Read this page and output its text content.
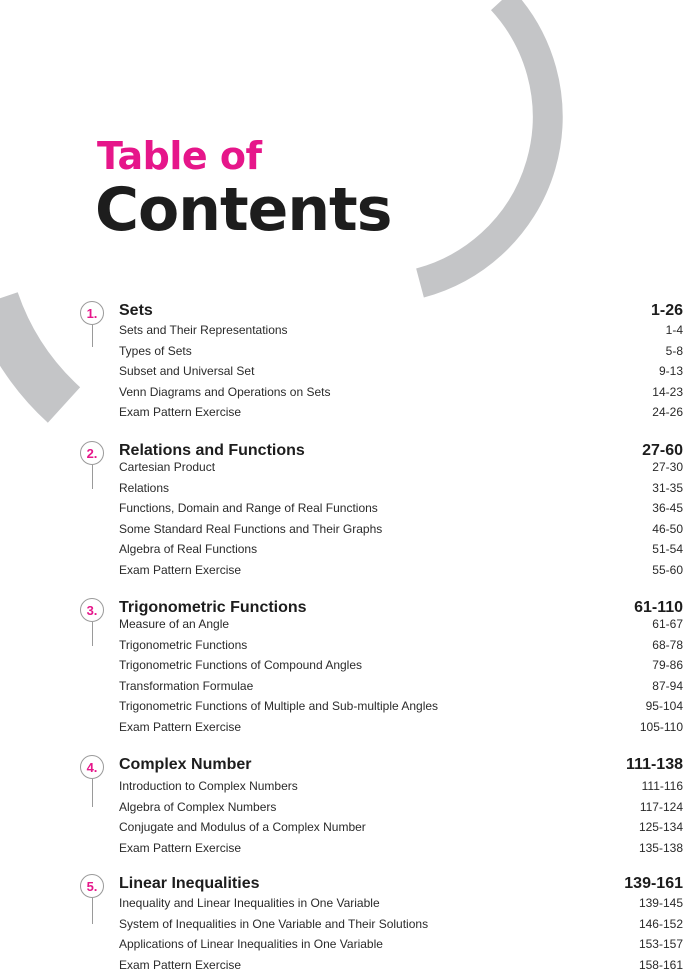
Table of
Contents
1.	Sets	1-26
Sets and Their Representations	1-4
Types of Sets	5-8
Subset and Universal Set	9-13
Venn Diagrams and Operations on Sets	14-23
Exam Pattern Exercise	24-26
2.	Relations and Functions	27-60
Cartesian Product	27-30
Relations	31-35
Functions, Domain and Range of Real Functions	36-45
Some Standard Real Functions and Their Graphs	46-50
Algebra of Real Functions	51-54
Exam Pattern Exercise	55-60
3.	Trigonometric Functions	61-110
Measure of an Angle	61-67
Trigonometric Functions	68-78
Trigonometric Functions of Compound Angles	79-86
Transformation Formulae	87-94
Trigonometric Functions of Multiple and Sub-multiple Angles	95-104
Exam Pattern Exercise	105-110
4.	Complex Number	111-138
Introduction to Complex Numbers	111-116
Algebra of Complex Numbers	117-124
Conjugate and Modulus of a Complex Number	125-134
Exam Pattern Exercise	135-138
5.	Linear Inequalities	139-161
Inequality and Linear Inequalities in One Variable	139-145
System of Inequalities in One Variable and Their Solutions	146-152
Applications of Linear Inequalities in One Variable	153-157
Exam Pattern Exercise	158-161
